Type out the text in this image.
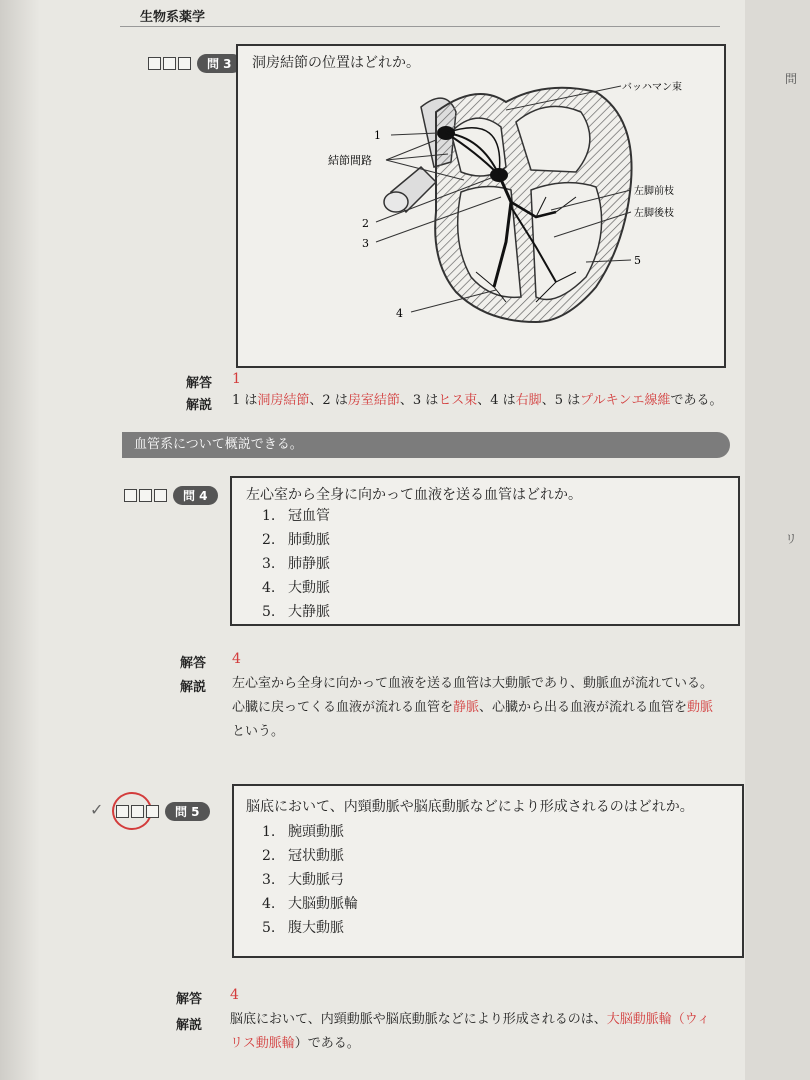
生物系薬学
問 3	洞房結節の位置はどれか。
1
結節間路
2
3
4
バッハマン束
左脚前枝
左脚後枝
5
解答 1
解説 1 は洞房結節、2 は房室結節、3 はヒス束、4 は右脚、5 はプルキンエ線維である。
血管系について概説できる。
問 4	左心室から全身に向かって血液を送る血管はどれか。
1. 冠血管
2. 肺動脈
3. 肺静脈
4. 大動脈
5. 大静脈
解答 4
解説 左心室から全身に向かって血液を送る血管は大動脈であり、動脈血が流れている。
心臓に戻ってくる血液が流れる血管を静脈、心臓から出る血液が流れる血管を動脈
という。
✓	問 5	脳底において、内頸動脈や脳底動脈などにより形成されるのはどれか。
1. 腕頭動脈
2. 冠状動脈
3. 大動脈弓
4. 大脳動脈輪
5. 腹大動脈
解答 4
解説 脳底において、内頸動脈や脳底動脈などにより形成されるのは、大脳動脈輪（ウィ
リス動脈輪）である。
問
リ
